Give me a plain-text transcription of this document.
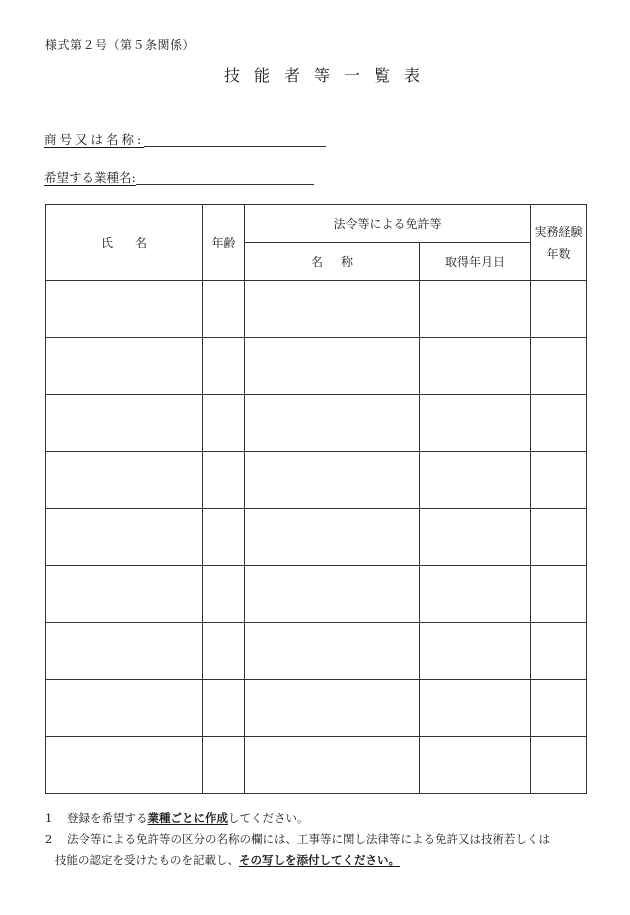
様式第２号（第５条関係）
技能者等一覧表
商号又は名称:
希望する業種名:
氏名	年齢	法令等による免許等		実務経験
年数
		名称	取得年月日	

1	登録を希望する業種ごとに作成してください。
2	法令等による免許等の区分の名称の欄には、工事等に関し法律等による免許又は技術若しくは
技能の認定を受けたものを記載し、その写しを添付してください。
